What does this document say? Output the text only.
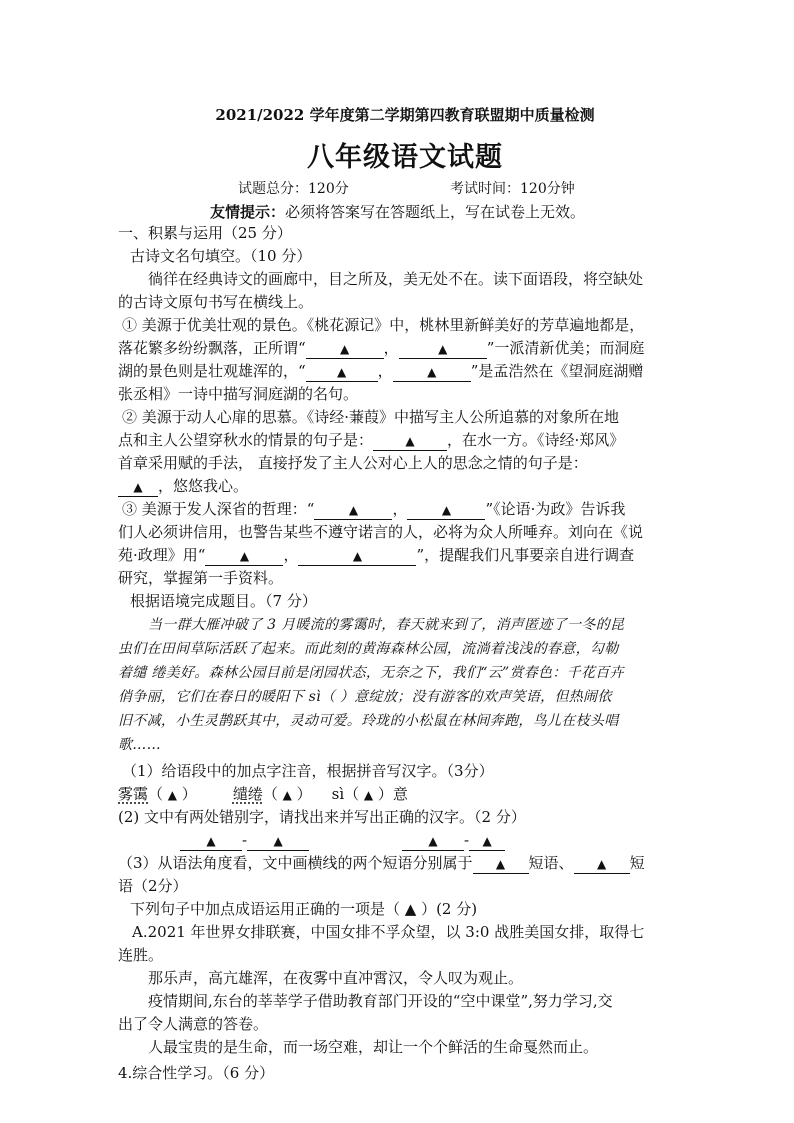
2021/2022 学年度第二学期第四教育联盟期中质量检测
八年级语文试题
试题总分：120分	考试时间：120分钟
友情提示：必须将答案写在答题纸上，写在试卷上无效。
一、积累与运用（25 分）
古诗文名句填空。（10 分）
徜徉在经典诗文的画廊中，目之所及，美无处不在。读下面语段，将空缺处
的古诗文原句书写在横线上。
① 美源于优美壮观的景色。《桃花源记》中，桃林里新鲜美好的芳草遍地都是，
落花繁多纷纷飘落，正所谓“	▲ ，	▲	”一派清新优美；而洞庭
湖的景色则是壮观雄浑的，“	▲ ，	▲ ”是孟浩然在《望洞庭湖赠
张丞相》一诗中描写洞庭湖的名句。
② 美源于动人心扉的思慕。《诗经·蒹葭》中描写主人公所追慕的对象所在地
点和主人公望穿秋水的情景的句子是：	▲ ，在水一方。《诗经·郑风》
首章采用赋的手法， 直接抒发了主人公对心上人的思念之情的句子是：
▲ ，悠悠我心。
③ 美源于发人深省的哲理：“	▲ ，	▲ ”《论语·为政》告诉我
们人必须讲信用，也警告某些不遵守诺言的人，必将为众人所唾弃。刘向在《说
苑·政理》用“	▲ ，	▲	”，提醒我们凡事要亲自进行调查
研究，掌握第一手资料。
根据语境完成题目。（7 分）
当一群大雁冲破了 3 月暖流的雾霭时，春天就来到了，消声匿迹了一冬的昆
虫们在田间草际活跃了起来。而此刻的黄海森林公园，流淌着浅浅的春意，勾勒
着缱 绻美好。森林公园目前是闭园状态，无奈之下，我们“云”赏春色：千花百卉
俏争丽，它们在春日的暖阳下 sì（ ）意绽放；没有游客的欢声笑语，但热闹依
旧不减，小生灵鹊跃其中，灵动可爱。玲珑的小松鼠在林间奔跑，鸟儿在枝头唱
歌……
（1）给语段中的加点字注音，根据拼音写汉字。（3分）
雾霭（ ▲ ） 缱绻（ ▲ ） sì（ ▲ ）意
(2) 文中有两处错别字，请找出来并写出正确的汉字。（2 分）
▲ - ▲	▲ - ▲
（3）从语法角度看，文中画横线的两个短语分别属于 ▲ 短语、 ▲ 短
语（2分）
下列句子中加点成语运用正确的一项是（ ▲ ）(2 分)
A.2021 年世界女排联赛，中国女排不孚众望，以 3:0 战胜美国女排，取得七
连胜。
那乐声，高亢雄浑，在夜雾中直冲霄汉，令人叹为观止。
疫情期间,东台的莘莘学子借助教育部门开设的“空中课堂”,努力学习,交
出了令人满意的答卷。
人最宝贵的是生命，而一场空难，却让一个个鲜活的生命戛然而止。
4.综合性学习。（6 分）
